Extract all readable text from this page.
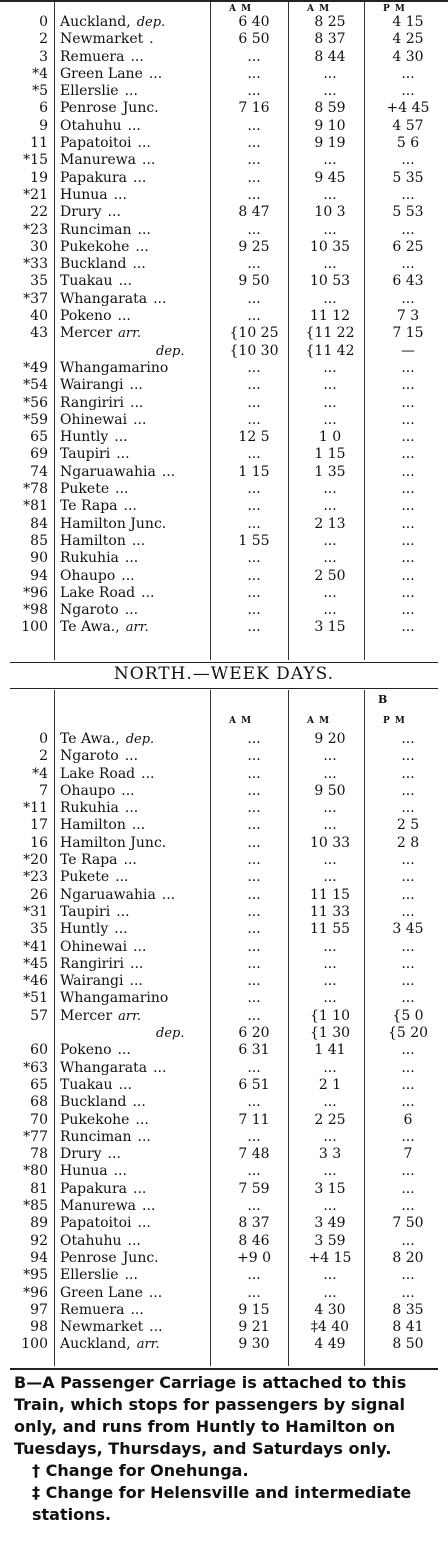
A M	A M	P M
0	Auckland, dep.	6 40	8 25	4 15
2	Newmarket .	6 50	8 37	4 25
3	Remuera ...	...	8 44	4 30
*4	Green Lane ...	...	...	...
*5	Ellerslie ...	...	...	...
6	Penrose Junc.	7 16	8 59	+4 45
9	Otahuhu ...	...	9 10	4 57
11	Papatoitoi ...	...	9 19	5 6
*15	Manurewa ...	...	...	...
19	Papakura ...	...	9 45	5 35
*21	Hunua ...	...	...	...
22	Drury ...	8 47	10 3	5 53
*23	Runciman ...	...	...	...
30	Pukekohe ...	9 25	10 35	6 25
*33	Buckland ...	...	...	...
35	Tuakau ...	9 50	10 53	6 43
*37	Whangarata ...	...	...	...
40	Pokeno ...	...	11 12	7 3
43	Mercer arr.	{10 25	{11 22	7 15
	dep.	{10 30	{11 42	—
*49	Whangamarino	...	...	...
*54	Wairangi ...	...	...	...
*56	Rangiriri ...	...	...	...
*59	Ohinewai ...	...	...	...
65	Huntly ...	12 5	1 0	...
69	Taupiri ...	...	1 15	...
74	Ngaruawahia ...	1 15	1 35	...
*78	Pukete ...	...	...	...
*81	Te Rapa ...	...	...	...
84	Hamilton Junc.	...	2 13	...
85	Hamilton ...	1 55	...	...
90	Rukuhia ...	...	...	...
94	Ohaupo ...	...	2 50	...
*96	Lake Road ...	...	...	...
*98	Ngaroto ...	...	...	...
100	Te Awa., arr.	...	3 15	...
NORTH.—WEEK DAYS.
B
A M	A M	P M
0	Te Awa., dep.	...	9 20	...
2	Ngaroto ...	...	...	...
*4	Lake Road ...	...	...	...
7	Ohaupo ...	...	9 50	...
*11	Rukuhia ...	...	...	...
17	Hamilton ...	...	...	2 5
16	Hamilton Junc.	...	10 33	2 8
*20	Te Rapa ...	...	...	...
*23	Pukete ...	...	...	...
26	Ngaruawahia ...	...	11 15	...
*31	Taupiri ...	...	11 33	...
35	Huntly ...	...	11 55	3 45
*41	Ohinewai ...	...	...	...
*45	Rangiriri ...	...	...	...
*46	Wairangi ...	...	...	...
*51	Whangamarino	...	...	...
57	Mercer arr.	...	{1 10	{5 0
	dep.	6 20	{1 30	{5 20
60	Pokeno ...	6 31	1 41	...
*63	Whangarata ...	...	...	...
65	Tuakau ...	6 51	2 1	...
68	Buckland ...	...	...	...
70	Pukekohe ...	7 11	2 25	6
*77	Runciman ...	...	...	...
78	Drury ...	7 48	3 3	7
*80	Hunua ...	...	...	...
81	Papakura ...	7 59	3 15	...
*85	Manurewa ...	...	...	...
89	Papatoitoi ...	8 37	3 49	7 50
92	Otahuhu ...	8 46	3 59	...
94	Penrose Junc.	+9 0	+4 15	8 20
*95	Ellerslie ...	...	...	...
*96	Green Lane ...	...	...	...
97	Remuera ...	9 15	4 30	8 35
98	Newmarket ...	9 21	‡4 40	8 41
100	Auckland, arr.	9 30	4 49	8 50

B—A Passenger Carriage is attached to this Train, which stops for passengers by signal only, and runs from Huntly to Hamilton on Tuesdays, Thursdays, and Saturdays only.

† Change for Onehunga.

‡ Change for Helensville and intermediate stations.
